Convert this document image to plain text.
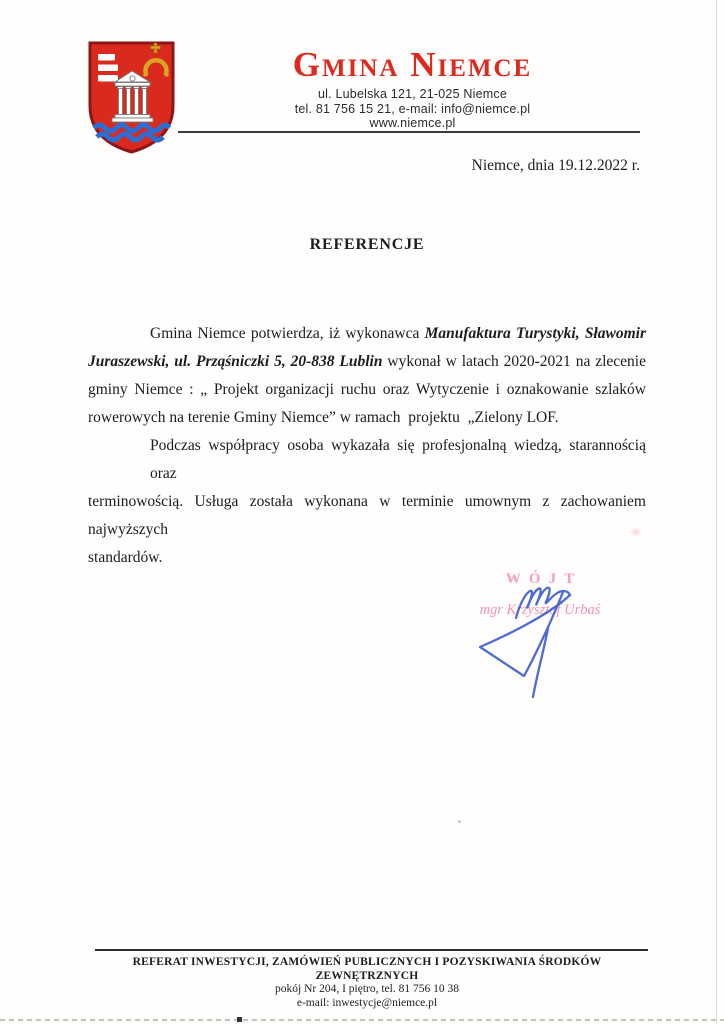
Gmina Niemce
ul. Lubelska 121, 21-025 Niemce
tel. 81 756 15 21, e-mail: info@niemce.pl
www.niemce.pl
Niemce, dnia 19.12.2022 r.
REFERENCJE
Gmina Niemce potwierdza, iż wykonawca Manufaktura Turystyki, Sławomir
Juraszewski, ul. Prząśniczki 5, 20-838 Lublin wykonał w latach 2020-2021 na zlecenie
gminy Niemce : „ Projekt organizacji ruchu oraz Wytyczenie i oznakowanie szlaków
rowerowych na terenie Gminy Niemce” w ramach  projektu  „Zielony LOF.
Podczas współpracy osoba wykazała się profesjonalną wiedzą, starannością oraz
terminowością. Usługa została wykonana w terminie umownym z zachowaniem najwyższych
standardów.
WÓJT
mgr Krzysztof Urbaś
REFERAT INWESTYCJI, ZAMÓWIEŃ PUBLICZNYCH I POZYSKIWANIA ŚRODKÓW ZEWNĘTRZNYCH
pokój Nr 204, I piętro, tel. 81 756 10 38
e-mail: inwestycje@niemce.pl
